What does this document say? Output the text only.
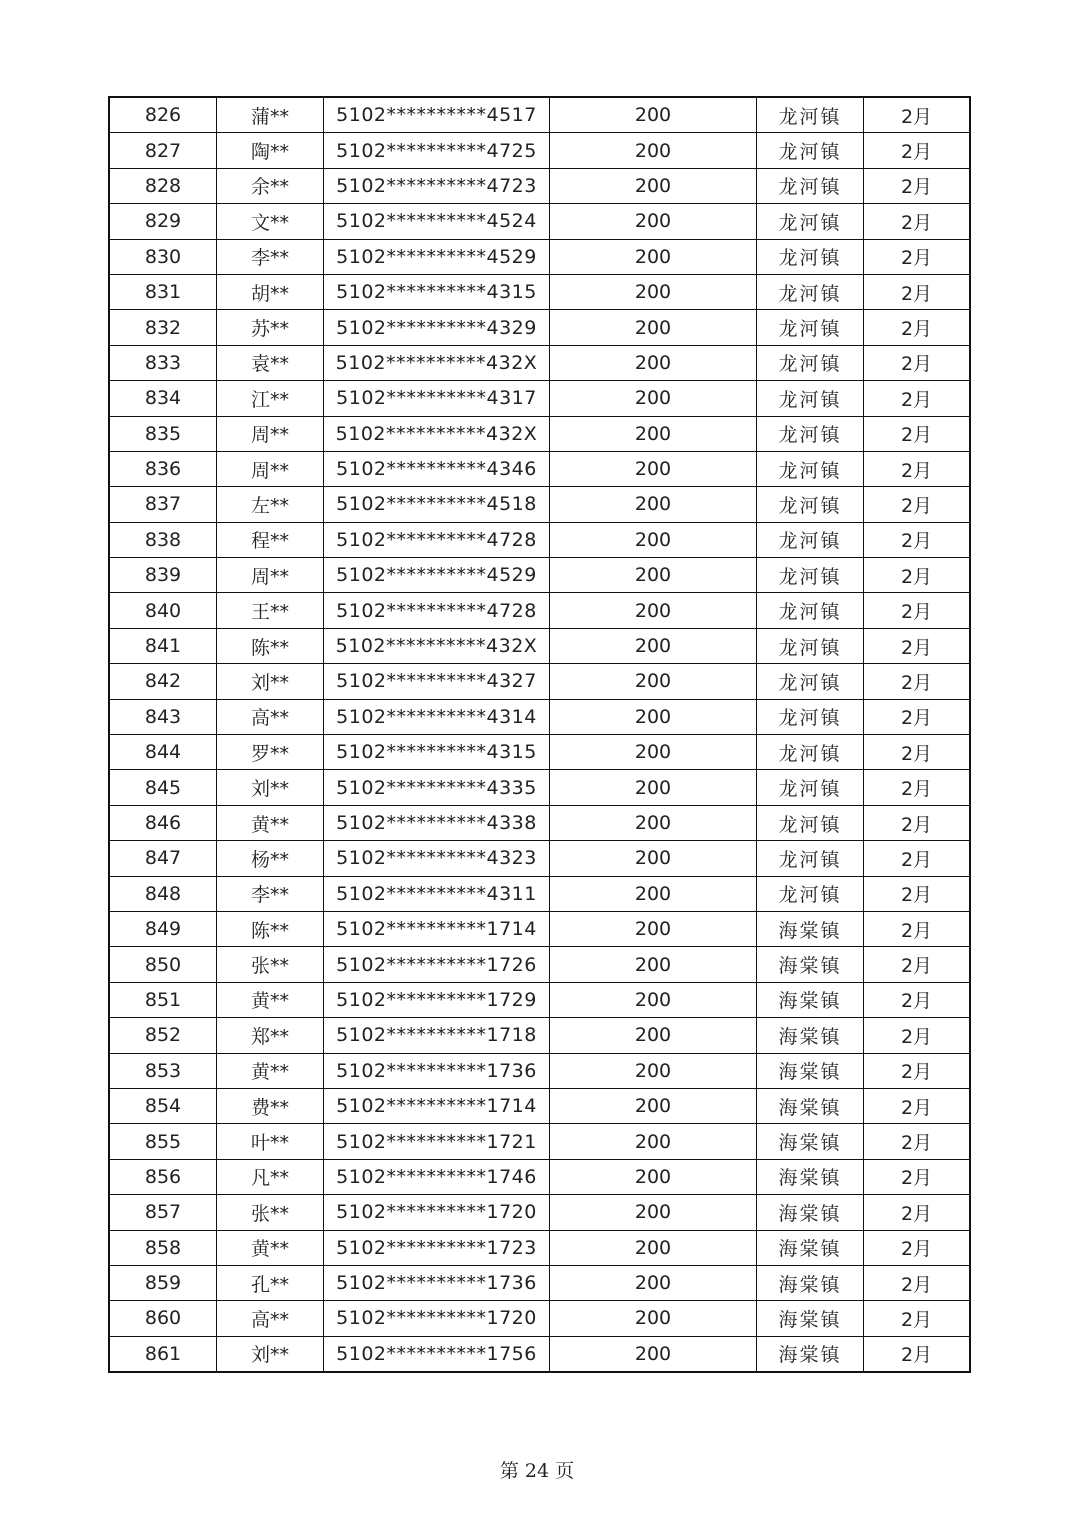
826	蒲**	5102**********4517	200	龙河镇	2月
827	陶**	5102**********4725	200	龙河镇	2月
828	余**	5102**********4723	200	龙河镇	2月
829	文**	5102**********4524	200	龙河镇	2月
830	李**	5102**********4529	200	龙河镇	2月
831	胡**	5102**********4315	200	龙河镇	2月
832	苏**	5102**********4329	200	龙河镇	2月
833	袁**	5102**********432X	200	龙河镇	2月
834	江**	5102**********4317	200	龙河镇	2月
835	周**	5102**********432X	200	龙河镇	2月
836	周**	5102**********4346	200	龙河镇	2月
837	左**	5102**********4518	200	龙河镇	2月
838	程**	5102**********4728	200	龙河镇	2月
839	周**	5102**********4529	200	龙河镇	2月
840	王**	5102**********4728	200	龙河镇	2月
841	陈**	5102**********432X	200	龙河镇	2月
842	刘**	5102**********4327	200	龙河镇	2月
843	高**	5102**********4314	200	龙河镇	2月
844	罗**	5102**********4315	200	龙河镇	2月
845	刘**	5102**********4335	200	龙河镇	2月
846	黄**	5102**********4338	200	龙河镇	2月
847	杨**	5102**********4323	200	龙河镇	2月
848	李**	5102**********4311	200	龙河镇	2月
849	陈**	5102**********1714	200	海棠镇	2月
850	张**	5102**********1726	200	海棠镇	2月
851	黄**	5102**********1729	200	海棠镇	2月
852	郑**	5102**********1718	200	海棠镇	2月
853	黄**	5102**********1736	200	海棠镇	2月
854	费**	5102**********1714	200	海棠镇	2月
855	叶**	5102**********1721	200	海棠镇	2月
856	凡**	5102**********1746	200	海棠镇	2月
857	张**	5102**********1720	200	海棠镇	2月
858	黄**	5102**********1723	200	海棠镇	2月
859	孔**	5102**********1736	200	海棠镇	2月
860	高**	5102**********1720	200	海棠镇	2月
861	刘**	5102**********1756	200	海棠镇	2月
第 24 页
